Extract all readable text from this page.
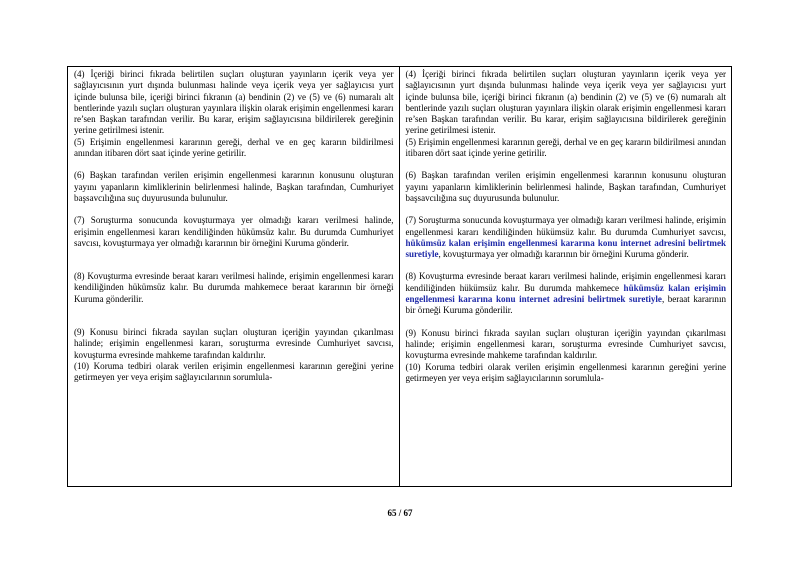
(4) İçeriği birinci fıkrada belirtilen suçları oluşturan yayınların içerik veya yer sağlayıcısının yurt dışında bulunması halinde veya içerik veya yer sağlayıcısı yurt içinde bulunsa bile, içeriği birinci fıkranın (a) bendinin (2) ve (5) ve (6) numaralı alt bentlerinde yazılı suçları oluşturan yayınlara ilişkin olarak erişimin engellenmesi kararı re’sen Başkan tarafından verilir. Bu karar, erişim sağlayıcısına bildirilerek gereğinin yerine getirilmesi istenir.

(5) Erişimin engellenmesi kararının gereği, derhal ve en geç kararın bildirilmesi anından itibaren dört saat içinde yerine getirilir.

(6) Başkan tarafından verilen erişimin engellenmesi kararının konusunu oluşturan yayını yapanların kimliklerinin belirlenmesi halinde, Başkan tarafından, Cumhuriyet başsavcılığına suç duyurusunda bulunulur.

(7) Soruşturma sonucunda kovuşturmaya yer olmadığı kararı verilmesi halinde, erişimin engellenmesi kararı kendiliğinden hükümsüz kalır. Bu durumda Cumhuriyet savcısı, kovuşturmaya yer olmadığı kararının bir örneğini Kuruma gönderir.

(8) Kovuşturma evresinde beraat kararı verilmesi halinde, erişimin engellenmesi kararı kendiliğinden hükümsüz kalır. Bu durumda mahkemece beraat kararının bir örneği Kuruma gönderilir.

(9) Konusu birinci fıkrada sayılan suçları oluşturan içeriğin yayından çıkarılması halinde; erişimin engellenmesi kararı, soruşturma evresinde Cumhuriyet savcısı, kovuşturma evresinde mahkeme tarafından kaldırılır.

(10) Koruma tedbiri olarak verilen erişimin engellenmesi kararının gereğini yerine getirmeyen yer veya erişim sağlayıcılarının sorumlula-

(4) İçeriği birinci fıkrada belirtilen suçları oluşturan yayınların içerik veya yer sağlayıcısının yurt dışında bulunması halinde veya içerik veya yer sağlayıcısı yurt içinde bulunsa bile, içeriği birinci fıkranın (a) bendinin (2) ve (5) ve (6) numaralı alt bentlerinde yazılı suçları oluşturan yayınlara ilişkin olarak erişimin engellenmesi kararı re’sen Başkan tarafından verilir. Bu karar, erişim sağlayıcısına bildirilerek gereğinin yerine getirilmesi istenir.

(5) Erişimin engellenmesi kararının gereği, derhal ve en geç kararın bildirilmesi anından itibaren dört saat içinde yerine getirilir.

(6) Başkan tarafından verilen erişimin engellenmesi kararının konusunu oluşturan yayını yapanların kimliklerinin belirlenmesi halinde, Başkan tarafından, Cumhuriyet başsavcılığına suç duyurusunda bulunulur.

(7) Soruşturma sonucunda kovuşturmaya yer olmadığı kararı verilmesi halinde, erişimin engellenmesi kararı kendiliğinden hükümsüz kalır. Bu durumda Cumhuriyet savcısı, hükümsüz kalan erişimin engellenmesi kararına konu internet adresini belirtmek suretiyle, kovuşturmaya yer olmadığı kararının bir örneğini Kuruma gönderir.

(8) Kovuşturma evresinde beraat kararı verilmesi halinde, erişimin engellenmesi kararı kendiliğinden hükümsüz kalır. Bu durumda mahkemece hükümsüz kalan erişimin engellenmesi kararına konu internet adresini belirtmek suretiyle, beraat kararının bir örneği Kuruma gönderilir.

(9) Konusu birinci fıkrada sayılan suçları oluşturan içeriğin yayından çıkarılması halinde; erişimin engellenmesi kararı, soruşturma evresinde Cumhuriyet savcısı, kovuşturma evresinde mahkeme tarafından kaldırılır.

(10) Koruma tedbiri olarak verilen erişimin engellenmesi kararının gereğini yerine getirmeyen yer veya erişim sağlayıcılarının sorumlula-

65 / 67
